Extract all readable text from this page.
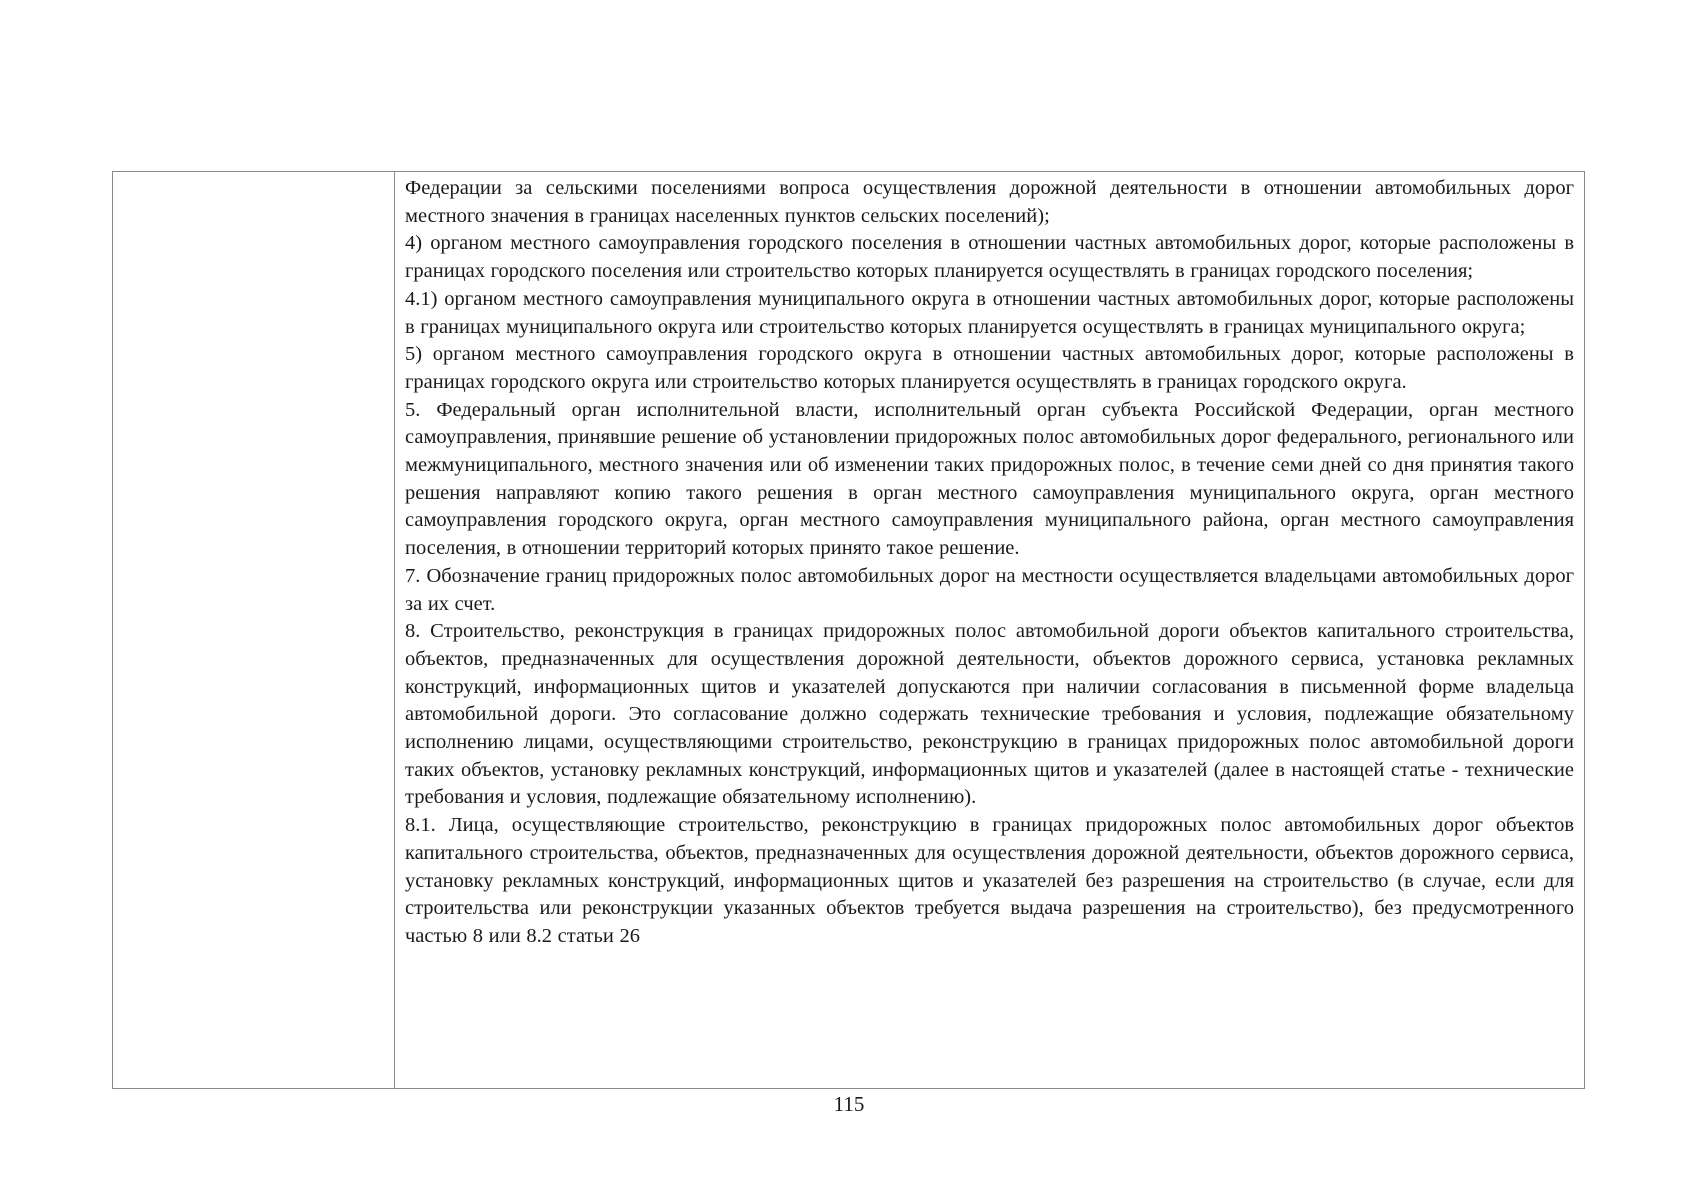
Федерации за сельскими поселениями вопроса осуществления дорожной деятельности в отношении автомобильных дорог местного значения в границах населенных пунктов сельских поселений);

4) органом местного самоуправления городского поселения в отношении частных автомобильных дорог, которые расположены в границах городского поселения или строительство которых планируется осуществлять в границах городского поселения;

4.1) органом местного самоуправления муниципального округа в отношении частных автомобильных дорог, которые расположены в границах муниципального округа или строительство которых планируется осуществлять в границах муниципального округа;

5) органом местного самоуправления городского округа в отношении частных автомобильных дорог, которые расположены в границах городского округа или строительство которых планируется осуществлять в границах городского округа.

5. Федеральный орган исполнительной власти, исполнительный орган субъекта Российской Федерации, орган местного самоуправления, принявшие решение об установлении придорожных полос автомобильных дорог федерального, регионального или межмуниципального, местного значения или об изменении таких придорожных полос, в течение семи дней со дня принятия такого решения направляют копию такого решения в орган местного самоуправления муниципального округа, орган местного самоуправления городского округа, орган местного самоуправления муниципального района, орган местного самоуправления поселения, в отношении территорий которых принято такое решение.

7. Обозначение границ придорожных полос автомобильных дорог на местности осуществляется владельцами автомобильных дорог за их счет.

8. Строительство, реконструкция в границах придорожных полос автомобильной дороги объектов капитального строительства, объектов, предназначенных для осуществления дорожной деятельности, объектов дорожного сервиса, установка рекламных конструкций, информационных щитов и указателей допускаются при наличии согласования в письменной форме владельца автомобильной дороги. Это согласование должно содержать технические требования и условия, подлежащие обязательному исполнению лицами, осуществляющими строительство, реконструкцию в границах придорожных полос автомобильной дороги таких объектов, установку рекламных конструкций, информационных щитов и указателей (далее в настоящей статье - технические требования и условия, подлежащие обязательному исполнению).

8.1. Лица, осуществляющие строительство, реконструкцию в границах придорожных полос автомобильных дорог объектов капитального строительства, объектов, предназначенных для осуществления дорожной деятельности, объектов дорожного сервиса, установку рекламных конструкций, информационных щитов и указателей без разрешения на строительство (в случае, если для строительства или реконструкции указанных объектов требуется выдача разрешения на строительство), без предусмотренного частью 8 или 8.2 статьи 26

115
